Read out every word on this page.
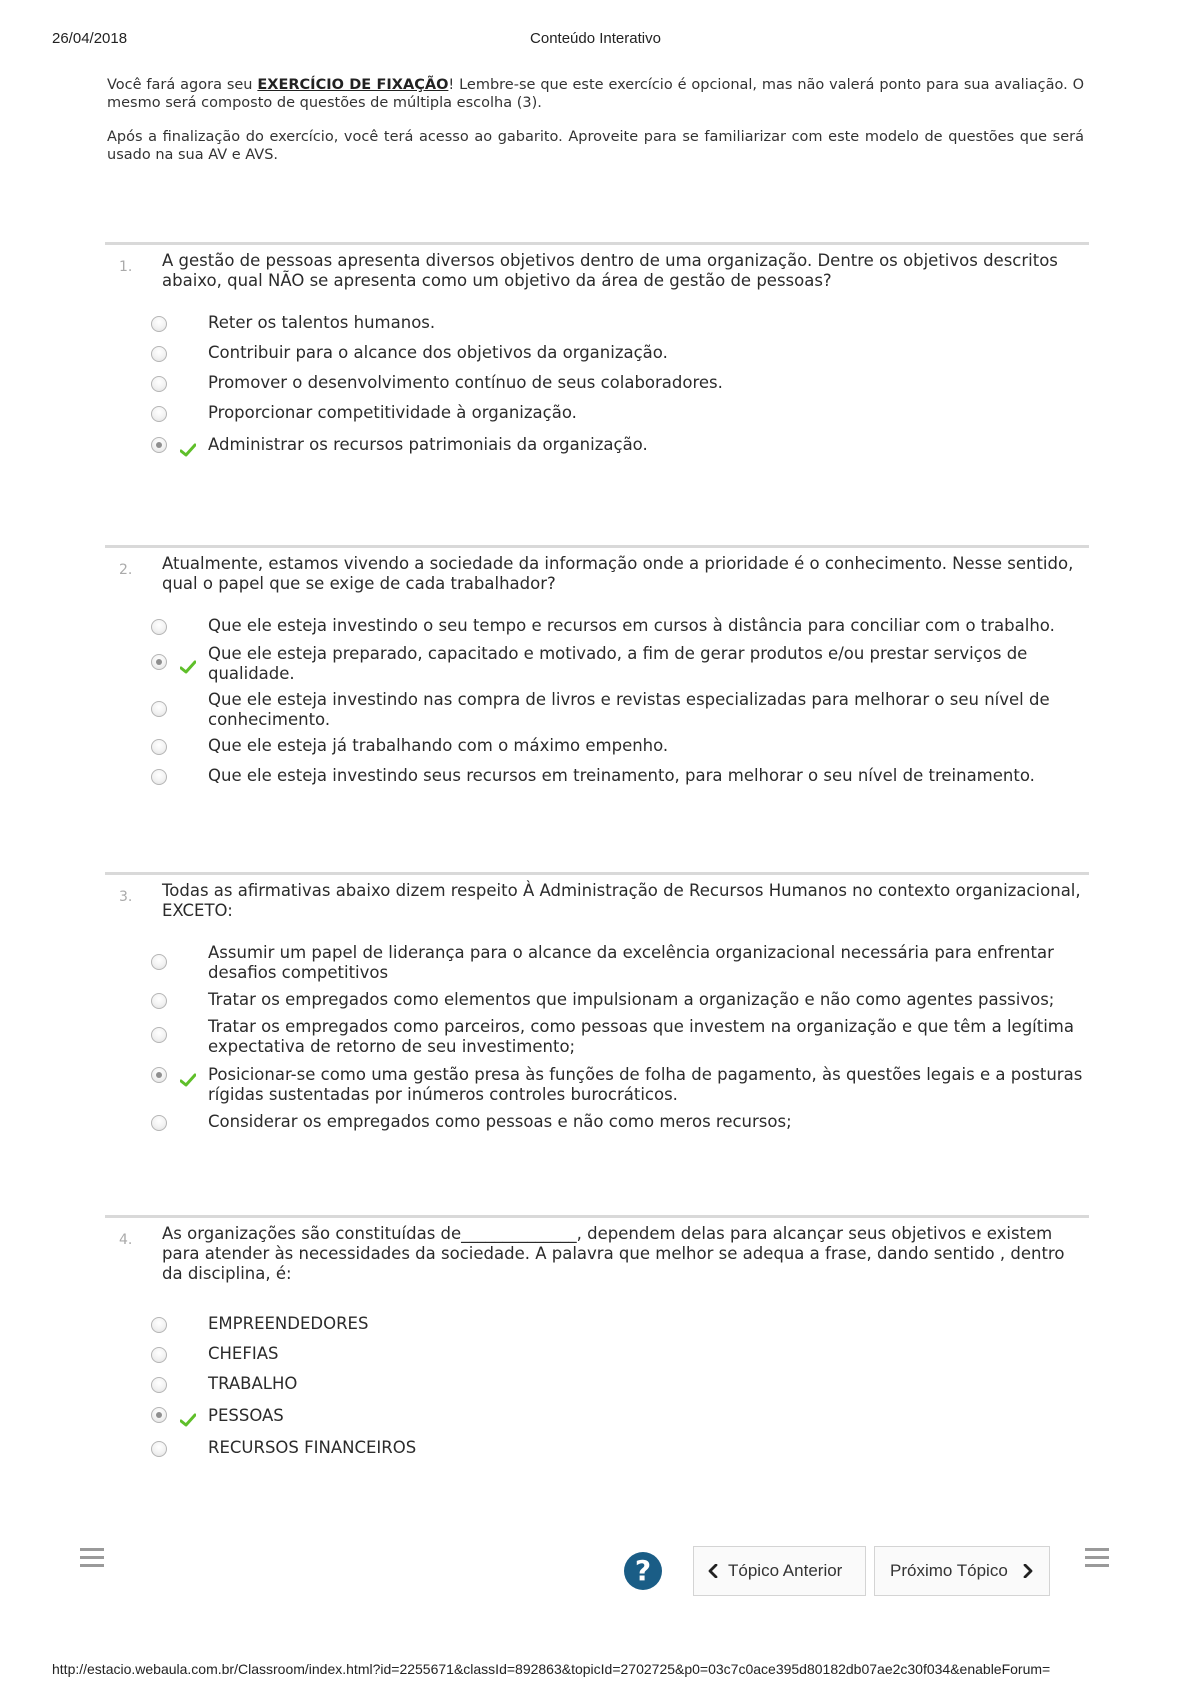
26/04/2018	Conteúdo Interativo

Você fará agora seu EXERCÍCIO DE FIXAÇÃO! Lembre-se que este exercício é opcional, mas não valerá ponto para sua avaliação. O mesmo será composto de questões de múltipla escolha (3).

Após a finalização do exercício, você terá acesso ao gabarito. Aproveite para se familiarizar com este modelo de questões que será usado na sua AV e AVS.

1. A gestão de pessoas apresenta diversos objetivos dentro de uma organização. Dentre os objetivos descritos abaixo, qual NÃO se apresenta como um objetivo da área de gestão de pessoas?
Reter os talentos humanos.
Contribuir para o alcance dos objetivos da organização.
Promover o desenvolvimento contínuo de seus colaboradores.
Proporcionar competitividade à organização.
Administrar os recursos patrimoniais da organização.
2. Atualmente, estamos vivendo a sociedade da informação onde a prioridade é o conhecimento. Nesse sentido, qual o papel que se exige de cada trabalhador?
Que ele esteja investindo o seu tempo e recursos em cursos à distância para conciliar com o trabalho.
Que ele esteja preparado, capacitado e motivado, a fim de gerar produtos e/ou prestar serviços de qualidade.
Que ele esteja investindo nas compra de livros e revistas especializadas para melhorar o seu nível de conhecimento.
Que ele esteja já trabalhando com o máximo empenho.
Que ele esteja investindo seus recursos em treinamento, para melhorar o seu nível de treinamento.
3. Todas as afirmativas abaixo dizem respeito À Administração de Recursos Humanos no contexto organizacional, EXCETO:
Assumir um papel de liderança para o alcance da excelência organizacional necessária para enfrentar desafios competitivos
Tratar os empregados como elementos que impulsionam a organização e não como agentes passivos;
Tratar os empregados como parceiros, como pessoas que investem na organização e que têm a legítima expectativa de retorno de seu investimento;
Posicionar-se como uma gestão presa às funções de folha de pagamento, às questões legais e a posturas rígidas sustentadas por inúmeros controles burocráticos.
Considerar os empregados como pessoas e não como meros recursos;
4. As organizações são constituídas de______________, dependem delas para alcançar seus objetivos e existem para atender às necessidades da sociedade. A palavra que melhor se adequa a frase, dando sentido , dentro da disciplina, é:
EMPREENDEDORES
CHEFIAS
TRABALHO
PESSOAS
RECURSOS FINANCEIROS
?	Tópico Anterior	Próximo Tópico
http://estacio.webaula.com.br/Classroom/index.html?id=2255671&classId=892863&topicId=2702725&p0=03c7c0ace395d80182db07ae2c30f034&enableForum=
